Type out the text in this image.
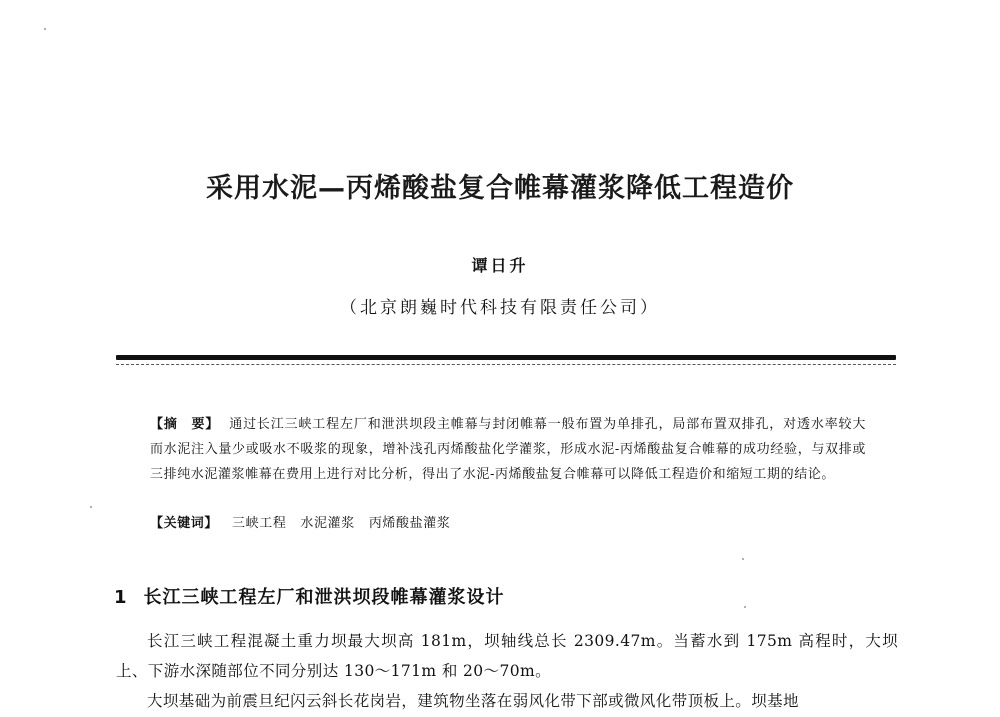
采用水泥—丙烯酸盐复合帷幕灌浆降低工程造价
谭日升
（北京朗巍时代科技有限责任公司）
【摘　要】 通过长江三峡工程左厂和泄洪坝段主帷幕与封闭帷幕一般布置为单排孔，局部布置双排孔，对透水率较大而水泥注入量少或吸水不吸浆的现象，增补浅孔丙烯酸盐化学灌浆，形成水泥-丙烯酸盐复合帷幕的成功经验，与双排或三排纯水泥灌浆帷幕在费用上进行对比分析，得出了水泥-丙烯酸盐复合帷幕可以降低工程造价和缩短工期的结论。
【关键词】 三峡工程 水泥灌浆 丙烯酸盐灌浆
1 长江三峡工程左厂和泄洪坝段帷幕灌浆设计

长江三峡工程混凝土重力坝最大坝高 181m，坝轴线总长 2309.47m。当蓄水到 175m 高程时，大坝上、下游水深随部位不同分别达 130～171m 和 20～70m。

大坝基础为前震旦纪闪云斜长花岗岩，建筑物坐落在弱风化带下部或微风化带顶板上。坝基地
